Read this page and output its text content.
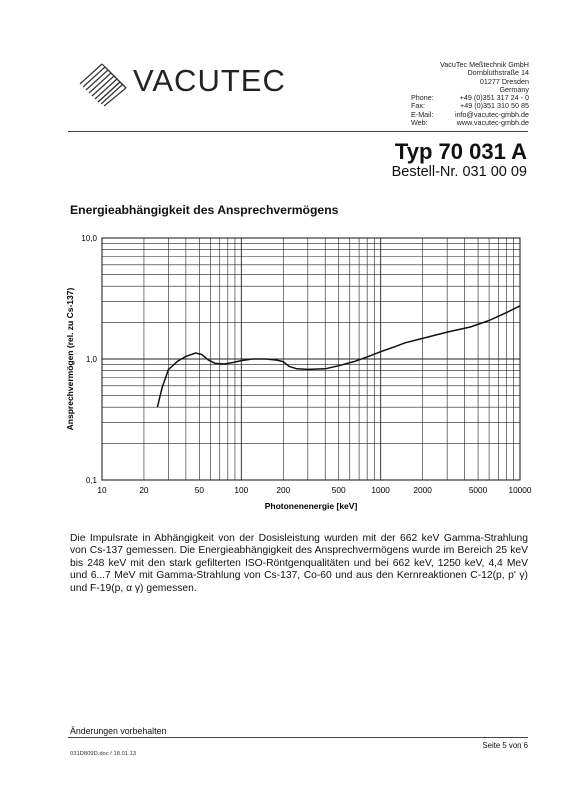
VACUTEC	VacuTec Meßtechnik GmbH
Dornblüthstraße 14
01277 Dresden
Germany
Phone:	+49 (0)351 317 24 - 0
Fax:	+49 (0)351 310 50 85
E-Mail:	info@vacutec-gmbh.de
Web:	www.vacutec-gmbh.de
Typ 70 031 A
Bestell-Nr. 031 00 09
Energieabhängigkeit des Ansprechvermögens
10	20	50	100	200	500	1000	2000	5000	10000
10,0
1,0
0,1
Photonenenergie [keV]
Ansprechvermögen (rel. zu Cs-137)
Die Impulsrate in Abhängigkeit von der Dosisleistung wurden mit der 662 keV Gamma-Strahlung von Cs-137 gemessen. Die Energieabhängigkeit des Ansprechvermögens wurde im Bereich 25 keV bis 248 keV mit den stark gefilterten ISO-Röntgenqualitäten und bei 662 keV, 1250 keV, 4,4 MeV und 6...7 MeV mit Gamma-Strahlung von Cs-137, Co-60 und aus den Kernreaktionen C-12(p, p' γ) und F-19(p, α γ) gemessen.
Änderungen vorbehalten
Seite 5 von 6
031D809D.doc / 18.01.13
